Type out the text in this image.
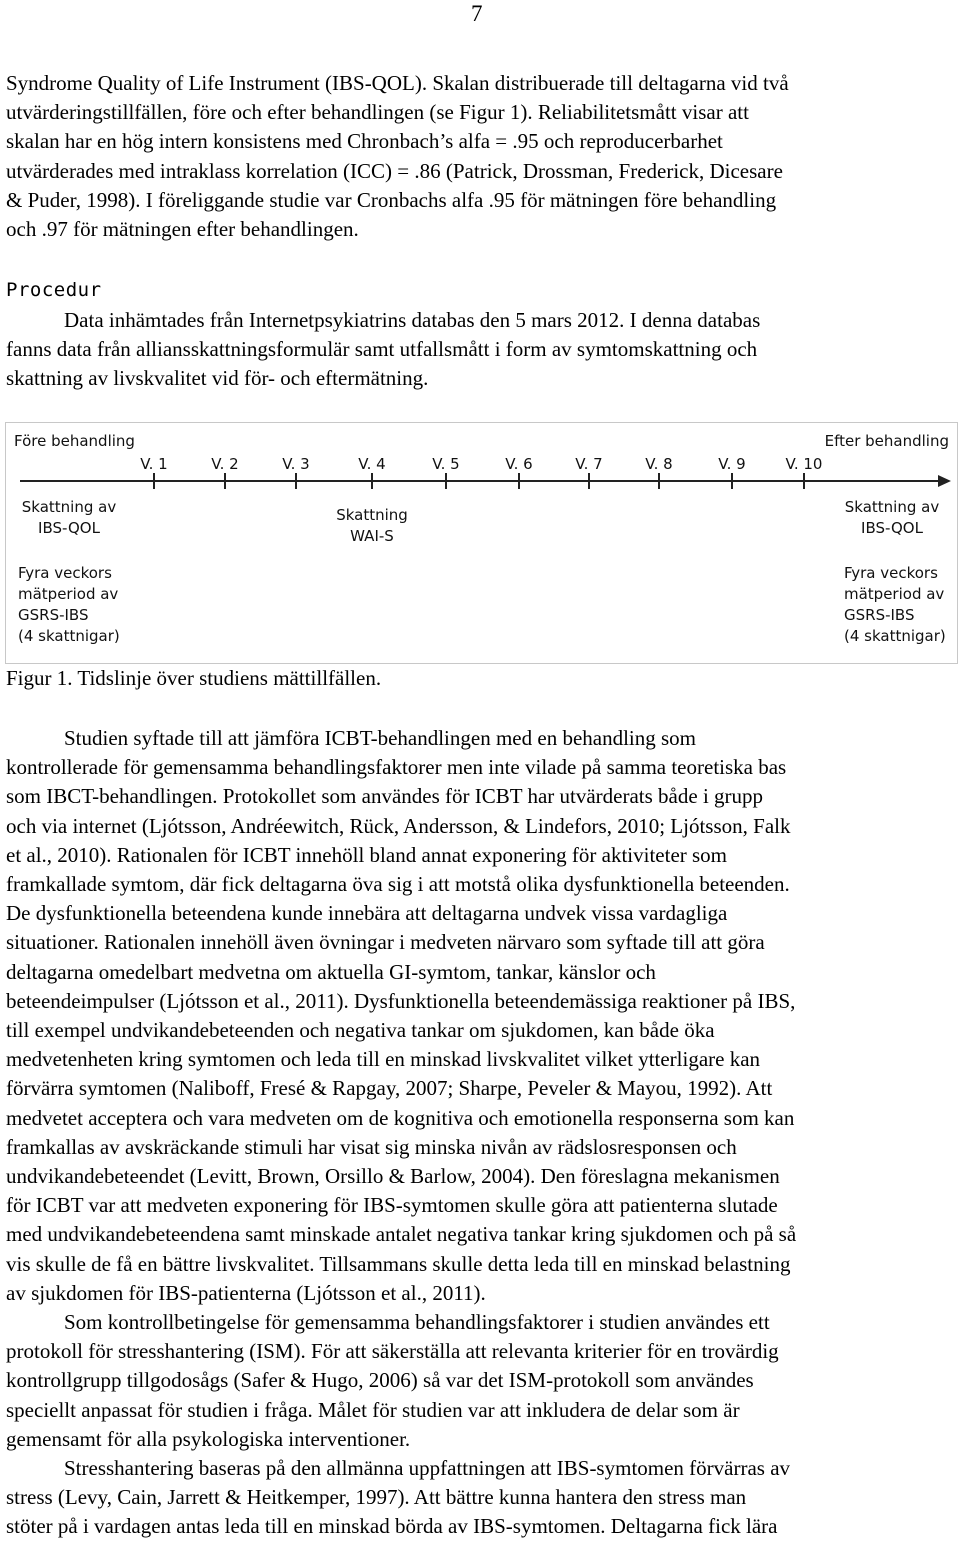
7
Syndrome Quality of Life Instrument (IBS-QOL). Skalan distribuerade till deltagarna vid två
utvärderingstillfällen, före och efter behandlingen (se Figur 1). Reliabilitetsmått visar att
skalan har en hög intern konsistens med Chronbach’s alfa = .95 och reproducerbarhet
utvärderades med intraklass korrelation (ICC) = .86 (Patrick, Drossman, Frederick, Dicesare
& Puder, 1998). I föreliggande studie var Cronbachs alfa .95 för mätningen före behandling
och .97 för mätningen efter behandlingen.
Procedur
Data inhämtades från Internetpsykiatrins databas den 5 mars 2012. I denna databas
fanns data från alliansskattningsformulär samt utfallsmått i form av symtomskattning och
skattning av livskvalitet vid för- och eftermätning.
Före behandling	Efter behandling
V. 1	V. 2	V. 3	V. 4	V. 5	V. 6	V. 7	V. 8	V. 9	V. 10
Skattning av
IBS-QOL
Fyra veckors
mätperiod av
GSRS-IBS
(4 skattnigar)
Skattning
WAI-S
Skattning av
IBS-QOL
Fyra veckors
mätperiod av
GSRS-IBS
(4 skattnigar)
Figur 1. Tidslinje över studiens mättillfällen.
Studien syftade till att jämföra ICBT-behandlingen med en behandling som
kontrollerade för gemensamma behandlingsfaktorer men inte vilade på samma teoretiska bas
som IBCT-behandlingen. Protokollet som användes för ICBT har utvärderats både i grupp
och via internet (Ljótsson, Andréewitch, Rück, Andersson, & Lindefors, 2010; Ljótsson, Falk
et al., 2010). Rationalen för ICBT innehöll bland annat exponering för aktiviteter som
framkallade symtom, där fick deltagarna öva sig i att motstå olika dysfunktionella beteenden.
De dysfunktionella beteendena kunde innebära att deltagarna undvek vissa vardagliga
situationer. Rationalen innehöll även övningar i medveten närvaro som syftade till att göra
deltagarna omedelbart medvetna om aktuella GI-symtom, tankar, känslor och
beteendeimpulser (Ljótsson et al., 2011). Dysfunktionella beteendemässiga reaktioner på IBS,
till exempel undvikandebeteenden och negativa tankar om sjukdomen, kan både öka
medvetenheten kring symtomen och leda till en minskad livskvalitet vilket ytterligare kan
förvärra symtomen (Naliboff, Fresé & Rapgay, 2007; Sharpe, Peveler & Mayou, 1992). Att
medvetet acceptera och vara medveten om de kognitiva och emotionella responserna som kan
framkallas av avskräckande stimuli har visat sig minska nivån av rädslosresponsen och
undvikandebeteendet (Levitt, Brown, Orsillo & Barlow, 2004). Den föreslagna mekanismen
för ICBT var att medveten exponering för IBS-symtomen skulle göra att patienterna slutade
med undvikandebeteendena samt minskade antalet negativa tankar kring sjukdomen och på så
vis skulle de få en bättre livskvalitet. Tillsammans skulle detta leda till en minskad belastning
av sjukdomen för IBS-patienterna (Ljótsson et al., 2011).
Som kontrollbetingelse för gemensamma behandlingsfaktorer i studien användes ett
protokoll för stresshantering (ISM). För att säkerställa att relevanta kriterier för en trovärdig
kontrollgrupp tillgodosågs (Safer & Hugo, 2006) så var det ISM-protokoll som användes
speciellt anpassat för studien i fråga. Målet för studien var att inkludera de delar som är
gemensamt för alla psykologiska interventioner.
Stresshantering baseras på den allmänna uppfattningen att IBS-symtomen förvärras av
stress (Levy, Cain, Jarrett & Heitkemper, 1997). Att bättre kunna hantera den stress man
stöter på i vardagen antas leda till en minskad börda av IBS-symtomen. Deltagarna fick lära
